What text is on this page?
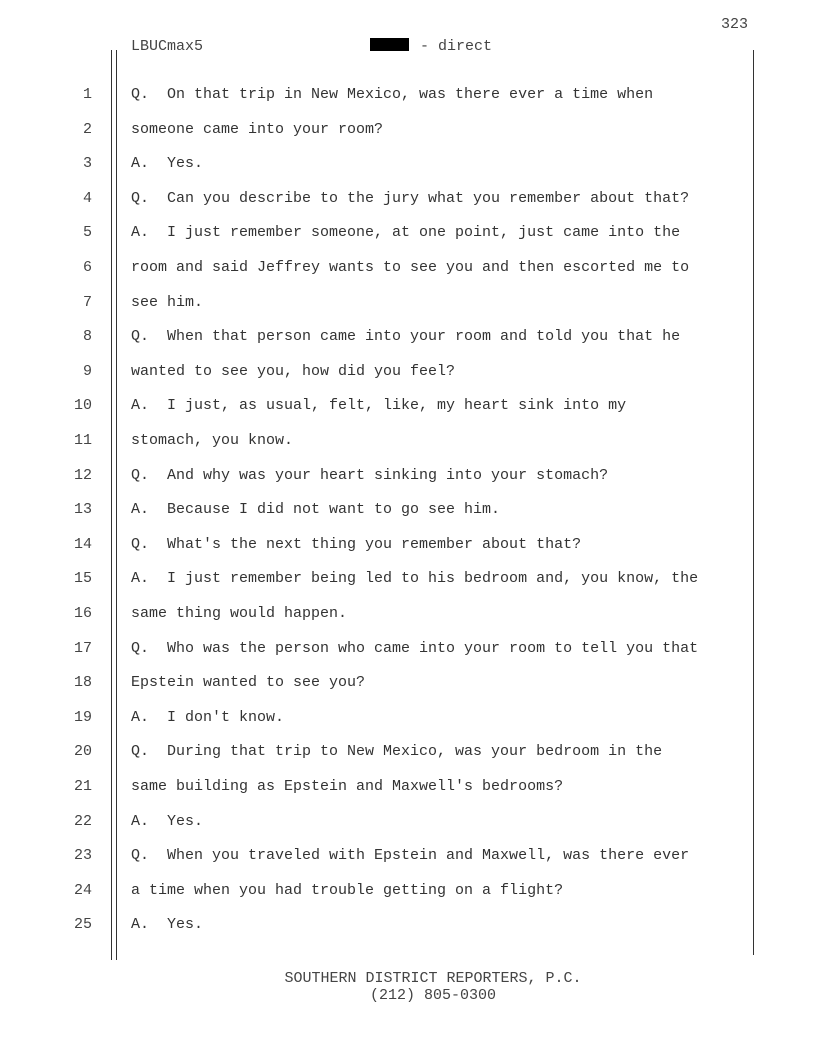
323
LBUCmax5	- direct
1	Q.  On that trip in New Mexico, was there ever a time when
2	someone came into your room?
3	A.  Yes.
4	Q.  Can you describe to the jury what you remember about that?
5	A.  I just remember someone, at one point, just came into the
6	room and said Jeffrey wants to see you and then escorted me to
7	see him.
8	Q.  When that person came into your room and told you that he
9	wanted to see you, how did you feel?
10	A.  I just, as usual, felt, like, my heart sink into my
11	stomach, you know.
12	Q.  And why was your heart sinking into your stomach?
13	A.  Because I did not want to go see him.
14	Q.  What's the next thing you remember about that?
15	A.  I just remember being led to his bedroom and, you know, the
16	same thing would happen.
17	Q.  Who was the person who came into your room to tell you that
18	Epstein wanted to see you?
19	A.  I don't know.
20	Q.  During that trip to New Mexico, was your bedroom in the
21	same building as Epstein and Maxwell's bedrooms?
22	A.  Yes.
23	Q.  When you traveled with Epstein and Maxwell, was there ever
24	a time when you had trouble getting on a flight?
25	A.  Yes.
SOUTHERN DISTRICT REPORTERS, P.C.
(212) 805-0300
